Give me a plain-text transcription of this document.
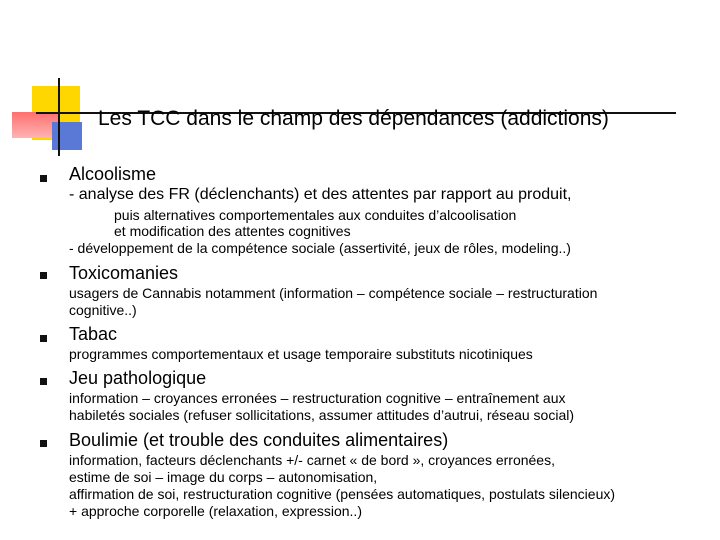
Les TCC dans le champ des dépendances (addictions)
Alcoolisme
- analyse des FR (déclenchants) et des attentes par rapport au produit,
puis alternatives comportementales aux conduites d’alcoolisation
et modification des attentes cognitives
- développement de la compétence sociale (assertivité, jeux de rôles, modeling..)
Toxicomanies
usagers de Cannabis notamment (information – compétence sociale – restructuration
cognitive..)
Tabac
programmes comportementaux et usage temporaire substituts nicotiniques
Jeu pathologique
information – croyances erronées – restructuration cognitive – entraînement aux
habiletés sociales (refuser sollicitations, assumer attitudes d’autrui, réseau social)
Boulimie (et trouble des conduites alimentaires)
information, facteurs déclenchants +/- carnet « de bord », croyances erronées,
estime de soi – image du corps – autonomisation,
affirmation de soi, restructuration cognitive (pensées automatiques, postulats silencieux)
+ approche corporelle (relaxation, expression..)
